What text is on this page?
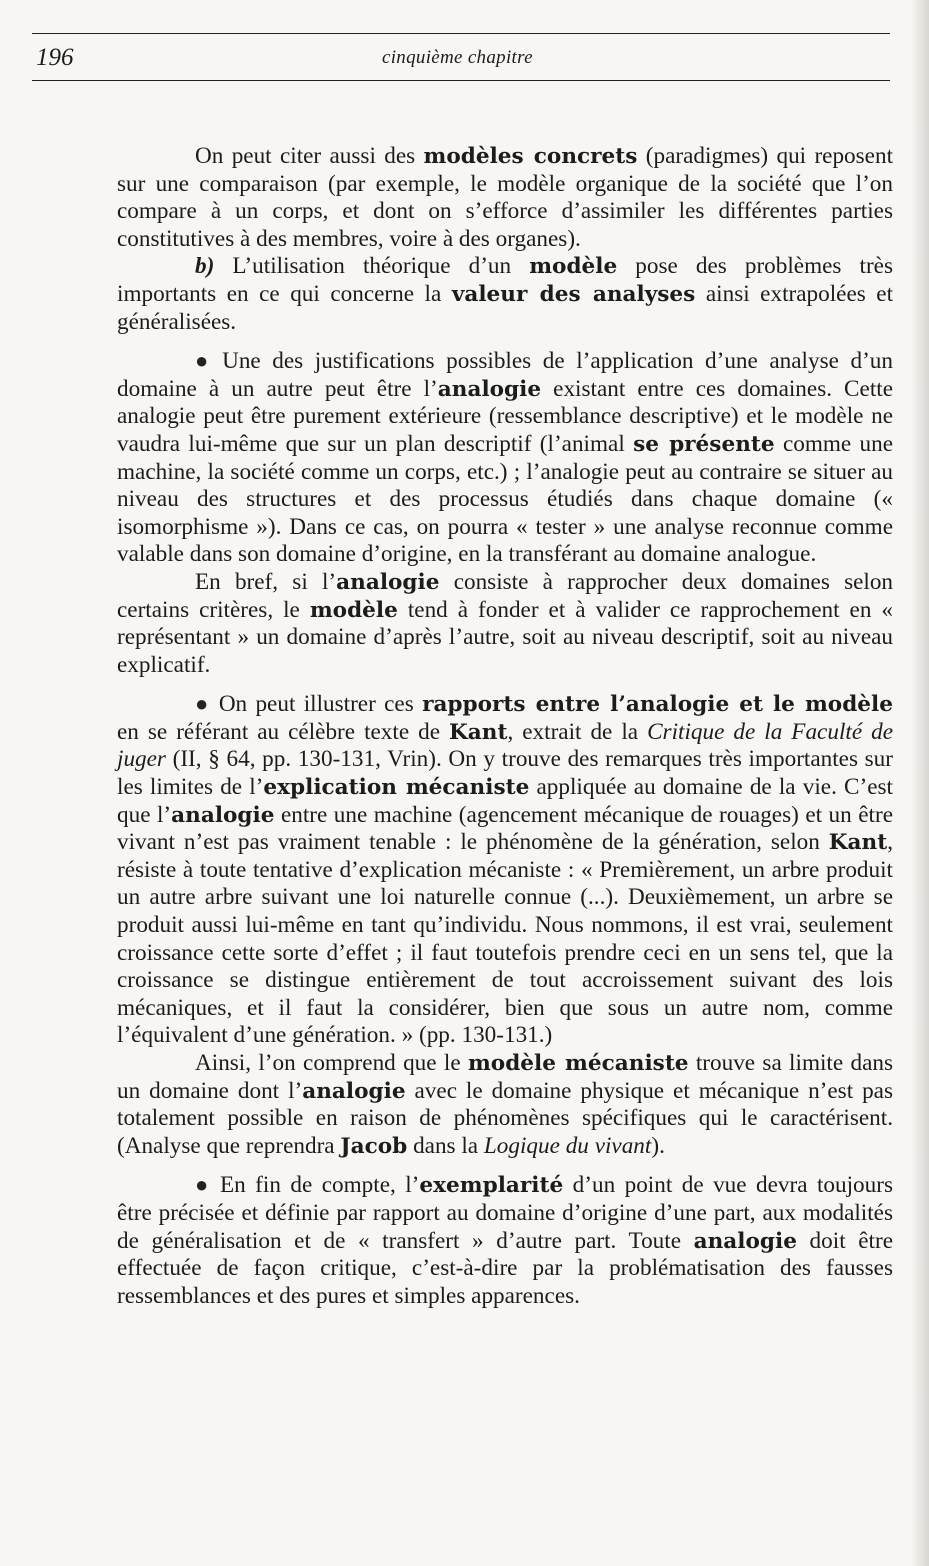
196	cinquième chapitre

On peut citer aussi des modèles concrets (paradigmes) qui reposent sur une comparaison (par exemple, le modèle organique de la société que l’on compare à un corps, et dont on s’efforce d’assimiler les différentes parties constitutives à des membres, voire à des organes).

b) L’utilisation théorique d’un modèle pose des problèmes très importants en ce qui concerne la valeur des analyses ainsi extrapolées et généralisées.

● Une des justifications possibles de l’application d’une analyse d’un domaine à un autre peut être l’analogie existant entre ces domaines. Cette analogie peut être purement extérieure (ressemblance descriptive) et le modèle ne vaudra lui-même que sur un plan descriptif (l’animal se présente comme une machine, la société comme un corps, etc.) ; l’analogie peut au contraire se situer au niveau des structures et des processus étudiés dans chaque domaine (« isomorphisme »). Dans ce cas, on pourra « tester » une analyse reconnue comme valable dans son domaine d’origine, en la transférant au domaine analogue.

En bref, si l’analogie consiste à rapprocher deux domaines selon certains critères, le modèle tend à fonder et à valider ce rapprochement en « représentant » un domaine d’après l’autre, soit au niveau descriptif, soit au niveau explicatif.

● On peut illustrer ces rapports entre l’analogie et le modèle en se référant au célèbre texte de Kant, extrait de la Critique de la Faculté de juger (II, § 64, pp. 130-131, Vrin). On y trouve des remarques très importantes sur les limites de l’explication mécaniste appliquée au domaine de la vie. C’est que l’analogie entre une machine (agencement mécanique de rouages) et un être vivant n’est pas vraiment tenable : le phénomène de la génération, selon Kant, résiste à toute tentative d’explication mécaniste : « Premièrement, un arbre produit un autre arbre suivant une loi naturelle connue (...). Deuxièmement, un arbre se produit aussi lui-même en tant qu’individu. Nous nommons, il est vrai, seulement croissance cette sorte d’effet ; il faut toutefois prendre ceci en un sens tel, que la croissance se distingue entièrement de tout accroissement suivant des lois mécaniques, et il faut la considérer, bien que sous un autre nom, comme l’équivalent d’une génération. » (pp. 130-131.)

Ainsi, l’on comprend que le modèle mécaniste trouve sa limite dans un domaine dont l’analogie avec le domaine physique et mécanique n’est pas totalement possible en raison de phénomènes spécifiques qui le caractérisent. (Analyse que reprendra Jacob dans la Logique du vivant).

● En fin de compte, l’exemplarité d’un point de vue devra toujours être précisée et définie par rapport au domaine d’origine d’une part, aux modalités de généralisation et de « transfert » d’autre part. Toute analogie doit être effectuée de façon critique, c’est-à-dire par la problématisation des fausses ressemblances et des pures et simples apparences.
